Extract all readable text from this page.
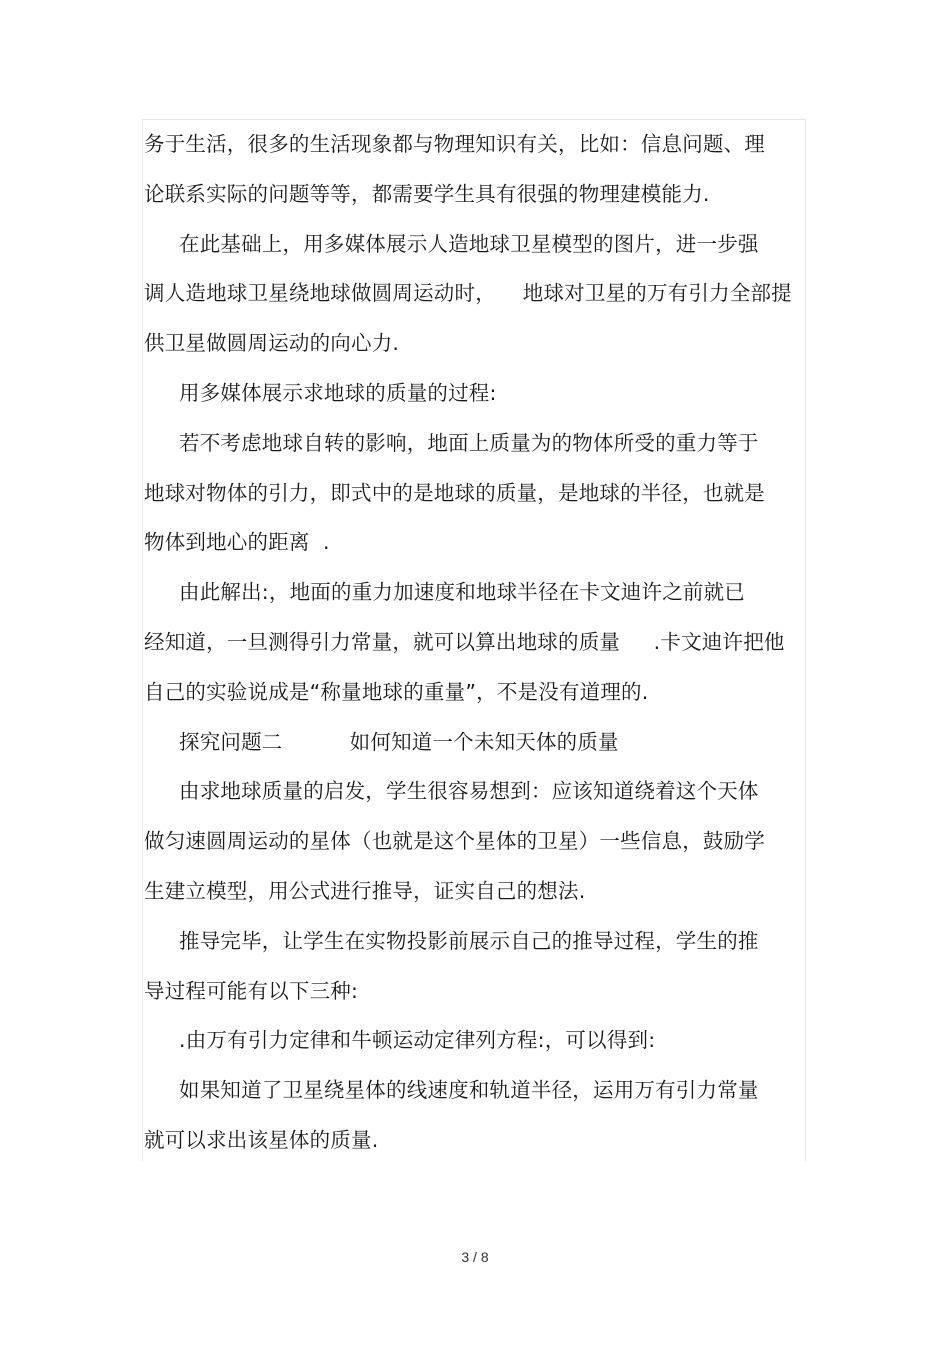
务于生活，很多的生活现象都与物理知识有关，比如：信息问题、理
论联系实际的问题等等，都需要学生具有很强的物理建模能力.
在此基础上，用多媒体展示人造地球卫星模型的图片，进一步强
调人造地球卫星绕地球做圆周运动时，    地球对卫星的万有引力全部提
供卫星做圆周运动的向心力.
用多媒体展示求地球的质量的过程:
若不考虑地球自转的影响，地面上质量为的物体所受的重力等于
地球对物体的引力，即式中的是地球的质量，是地球的半径，也就是
物体到地心的距离  .
由此解出:，地面的重力加速度和地球半径在卡文迪许之前就已
经知道，一旦测得引力常量，就可以算出地球的质量     .卡文迪许把他
自己的实验说成是“称量地球的重量”，不是没有道理的.
探究问题二          如何知道一个未知天体的质量
由求地球质量的启发，学生很容易想到：应该知道绕着这个天体
做匀速圆周运动的星体（也就是这个星体的卫星）一些信息，鼓励学
生建立模型，用公式进行推导，证实自己的想法.
推导完毕，让学生在实物投影前展示自己的推导过程，学生的推
导过程可能有以下三种:
.由万有引力定律和牛顿运动定律列方程:，可以得到:
如果知道了卫星绕星体的线速度和轨道半径，运用万有引力常量
就可以求出该星体的质量.
3 / 8
